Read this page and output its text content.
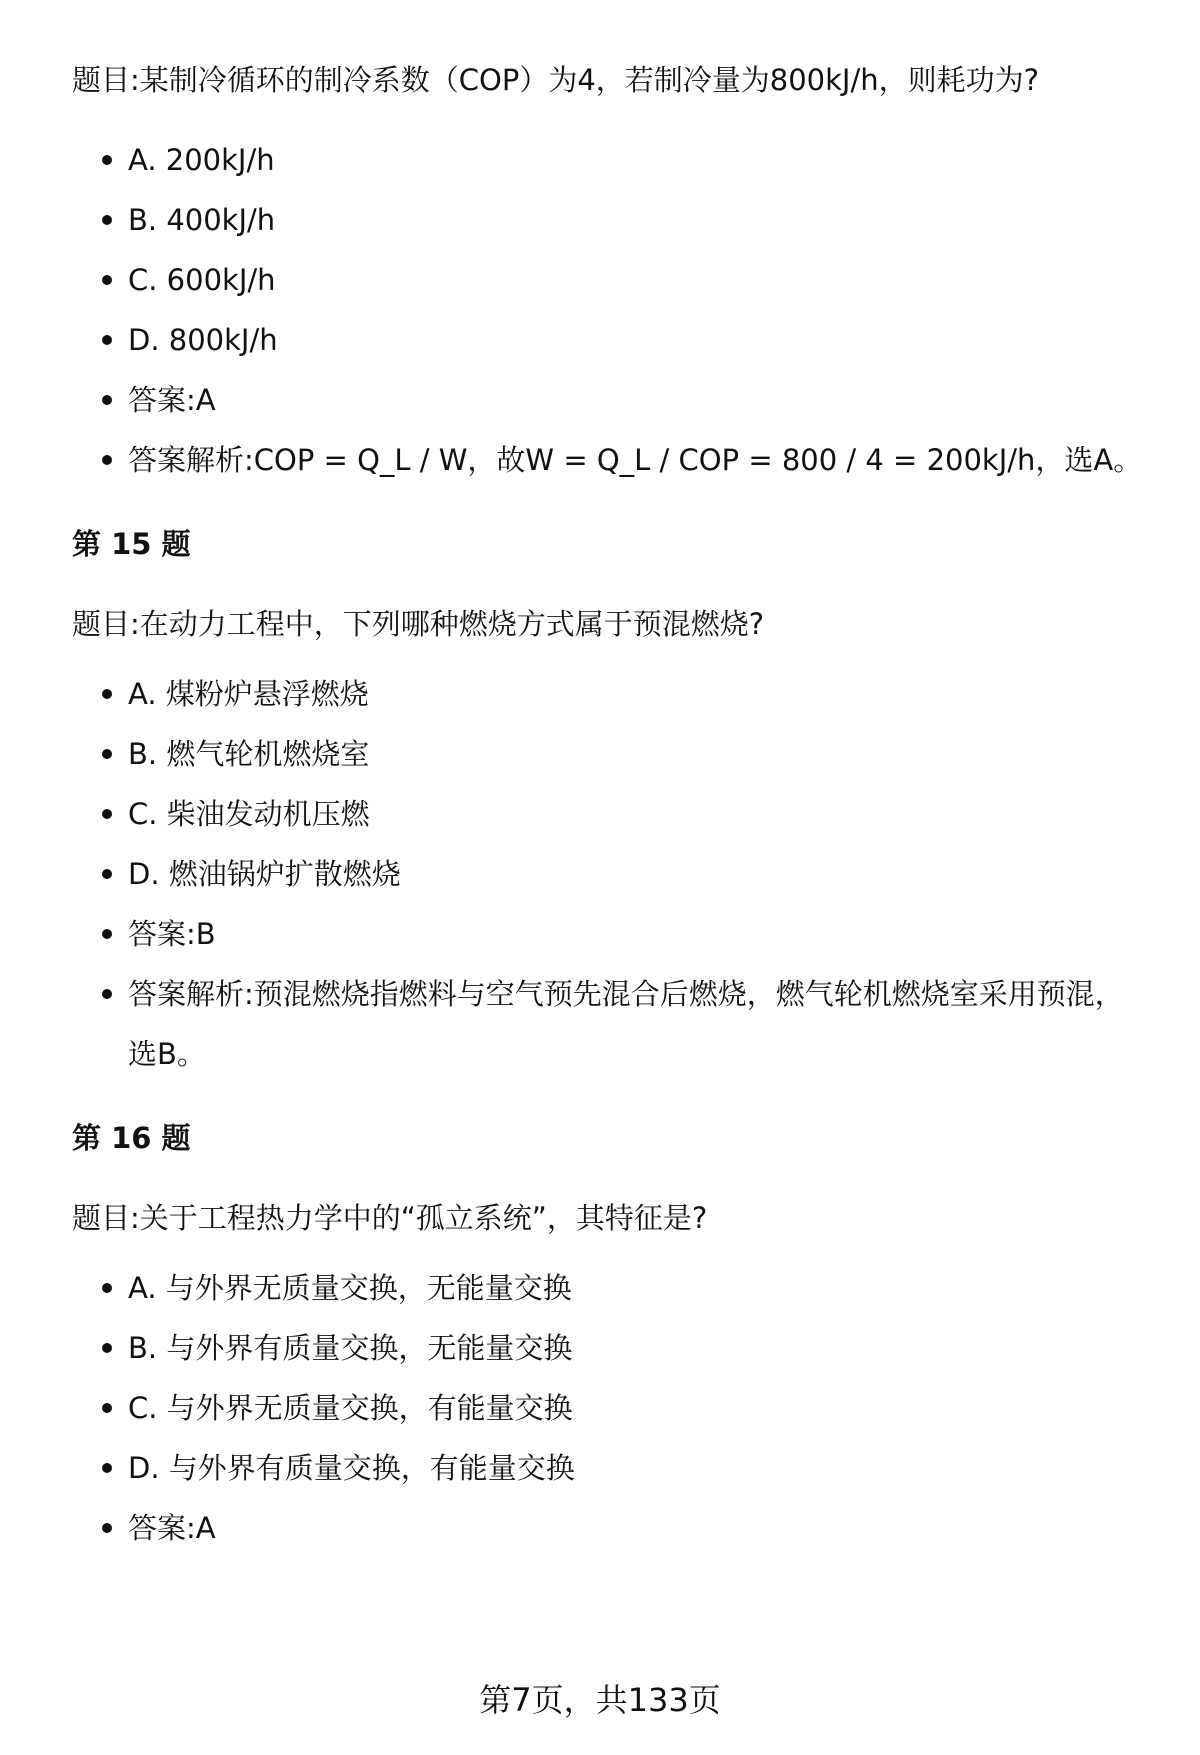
题目:某制冷循环的制冷系数（COP）为4，若制冷量为800kJ/h，则耗功为?

A. 200kJ/h
B. 400kJ/h
C. 600kJ/h
D. 800kJ/h
答案:A
答案解析:COP = Q_L / W，故W = Q_L / COP = 800 / 4 = 200kJ/h，选A。
第 15 题

题目:在动力工程中，下列哪种燃烧方式属于预混燃烧?

A. 煤粉炉悬浮燃烧
B. 燃气轮机燃烧室
C. 柴油发动机压燃
D. 燃油锅炉扩散燃烧
答案:B
答案解析:预混燃烧指燃料与空气预先混合后燃烧，燃气轮机燃烧室采用预混，
选B。
第 16 题

题目:关于工程热力学中的“孤立系统”，其特征是?

A. 与外界无质量交换，无能量交换
B. 与外界有质量交换，无能量交换
C. 与外界无质量交换，有能量交换
D. 与外界有质量交换，有能量交换
答案:A
第7页，共133页
